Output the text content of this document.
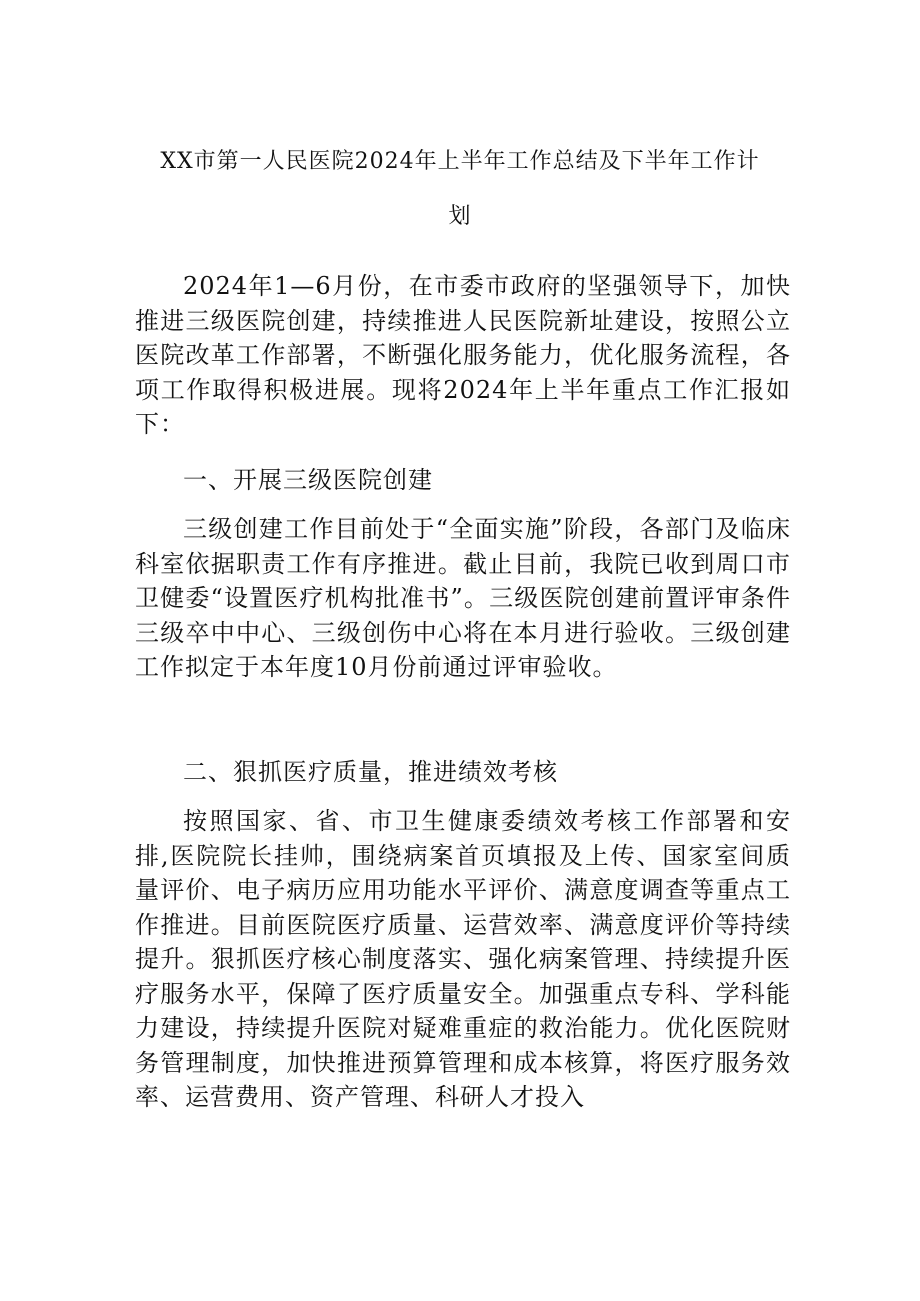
XX市第一人民医院2024年上半年工作总结及下半年工作计
划

2024年1—6月份，在市委市政府的坚强领导下，加快推进三级医院创建，持续推进人民医院新址建设，按照公立医院改革工作部署，不断强化服务能力，优化服务流程，各项工作取得积极进展。现将2024年上半年重点工作汇报如下：

一、开展三级医院创建

三级创建工作目前处于“全面实施”阶段，各部门及临床科室依据职责工作有序推进。截止目前，我院已收到周口市卫健委“设置医疗机构批准书”。三级医院创建前置评审条件三级卒中中心、三级创伤中心将在本月进行验收。三级创建工作拟定于本年度10月份前通过评审验收。

二、狠抓医疗质量，推进绩效考核

按照国家、省、市卫生健康委绩效考核工作部署和安排,医院院长挂帅，围绕病案首页填报及上传、国家室间质量评价、电子病历应用功能水平评价、满意度调查等重点工作推进。目前医院医疗质量、运营效率、满意度评价等持续提升。狠抓医疗核心制度落实、强化病案管理、持续提升医疗服务水平，保障了医疗质量安全。加强重点专科、学科能力建设，持续提升医院对疑难重症的救治能力。优化医院财务管理制度，加快推进预算管理和成本核算，将医疗服务效率、运营费用、资产管理、科研人才投入
